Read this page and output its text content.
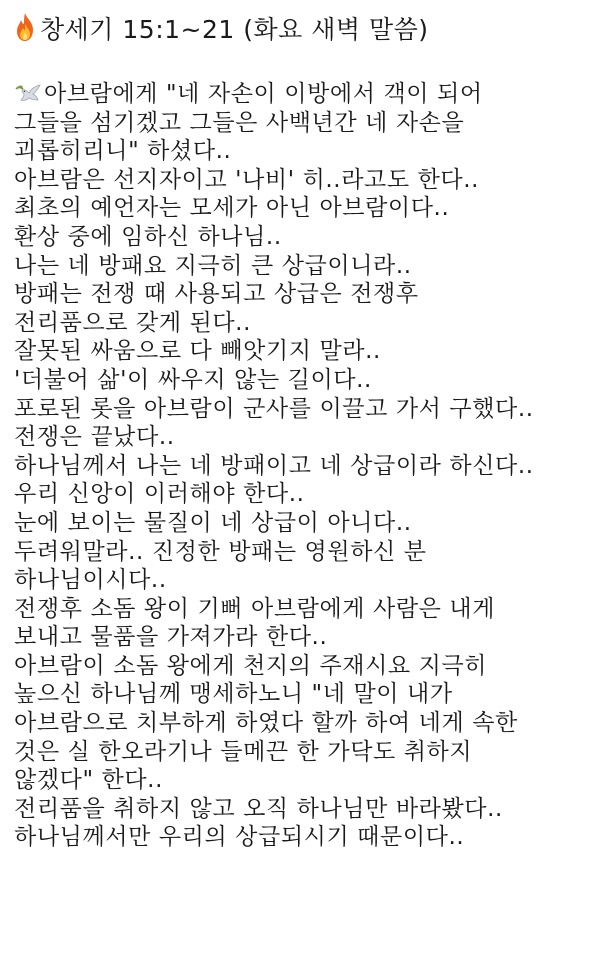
창세기 15:1~21 (화요 새벽 말씀)
아브람에게 "네 자손이 이방에서 객이 되어
그들을 섬기겠고 그들은 사백년간 네 자손을
괴롭히리니" 하셨다..
아브람은 선지자이고 '나비' 히..라고도 한다..
최초의 예언자는 모세가 아닌 아브람이다..
환상 중에 임하신 하나님..
나는 네 방패요 지극히 큰 상급이니라..
방패는 전쟁 때 사용되고 상급은 전쟁후
전리품으로 갖게 된다..
잘못된 싸움으로 다 빼앗기지 말라..
'더불어 삶'이 싸우지 않는 길이다..
포로된 롯을 아브람이 군사를 이끌고 가서 구했다..
전쟁은 끝났다..
하나님께서 나는 네 방패이고 네 상급이라 하신다..
우리 신앙이 이러해야 한다..
눈에 보이는 물질이 네 상급이 아니다..
두려워말라.. 진정한 방패는 영원하신 분
하나님이시다..
전쟁후 소돔 왕이 기뻐 아브람에게 사람은 내게
보내고 물품을 가져가라 한다..
아브람이 소돔 왕에게 천지의 주재시요 지극히
높으신 하나님께 맹세하노니 "네 말이 내가
아브람으로 치부하게 하였다 할까 하여 네게 속한
것은 실 한오라기나 들메끈 한 가닥도 취하지
않겠다" 한다..
전리품을 취하지 않고 오직 하나님만 바라봤다..
하나님께서만 우리의 상급되시기 때문이다..
